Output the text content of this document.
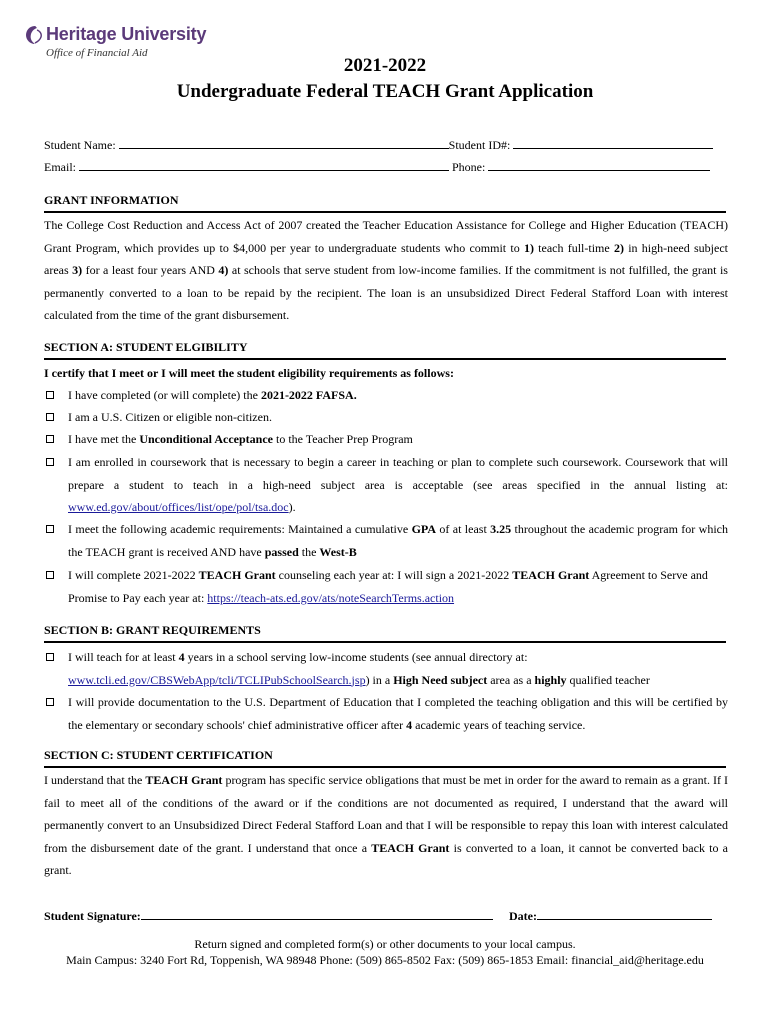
Heritage University
Office of Financial Aid
2021-2022
Undergraduate Federal TEACH Grant Application
Student Name:	Student ID#:
Email:	Phone:
GRANT INFORMATION
The College Cost Reduction and Access Act of 2007 created the Teacher Education Assistance for College and Higher Education (TEACH) Grant Program, which provides up to $4,000 per year to undergraduate students who commit to 1) teach full-time 2) in high-need subject areas 3) for a least four years AND 4) at schools that serve student from low-income families. If the commitment is not fulfilled, the grant is permanently converted to a loan to be repaid by the recipient. The loan is an unsubsidized Direct Federal Stafford Loan with interest calculated from the time of the grant disbursement.
SECTION A: STUDENT ELGIBILITY
I certify that I meet or I will meet the student eligibility requirements as follows:
I have completed (or will complete) the 2021-2022 FAFSA.
I am a U.S. Citizen or eligible non-citizen.
I have met the Unconditional Acceptance to the Teacher Prep Program
I am enrolled in coursework that is necessary to begin a career in teaching or plan to complete such coursework. Coursework that will prepare a student to teach in a high-need subject area is acceptable (see areas specified in the annual listing at: www.ed.gov/about/offices/list/ope/pol/tsa.doc).
I meet the following academic requirements: Maintained a cumulative GPA of at least 3.25 throughout the academic program for which the TEACH grant is received AND have passed the West-B
I will complete 2021-2022 TEACH Grant counseling each year at: I will sign a 2021-2022 TEACH Grant Agreement to Serve and Promise to Pay each year at: https://teach-ats.ed.gov/ats/noteSearchTerms.action
SECTION B: GRANT REQUIREMENTS
I will teach for at least 4 years in a school serving low-income students (see annual directory at: www.tcli.ed.gov/CBSWebApp/tcli/TCLIPubSchoolSearch.jsp) in a High Need subject area as a highly qualified teacher
I will provide documentation to the U.S. Department of Education that I completed the teaching obligation and this will be certified by the elementary or secondary schools' chief administrative officer after 4 academic years of teaching service.
SECTION C: STUDENT CERTIFICATION
I understand that the TEACH Grant program has specific service obligations that must be met in order for the award to remain as a grant. If I fail to meet all of the conditions of the award or if the conditions are not documented as required, I understand that the award will permanently convert to an Unsubsidized Direct Federal Stafford Loan and that I will be responsible to repay this loan with interest calculated from the disbursement date of the grant. I understand that once a TEACH Grant is converted to a loan, it cannot be converted back to a grant.
Student Signature:	Date:
Return signed and completed form(s) or other documents to your local campus.
Main Campus: 3240 Fort Rd, Toppenish, WA 98948 Phone: (509) 865-8502 Fax: (509) 865-1853 Email: financial_aid@heritage.edu
